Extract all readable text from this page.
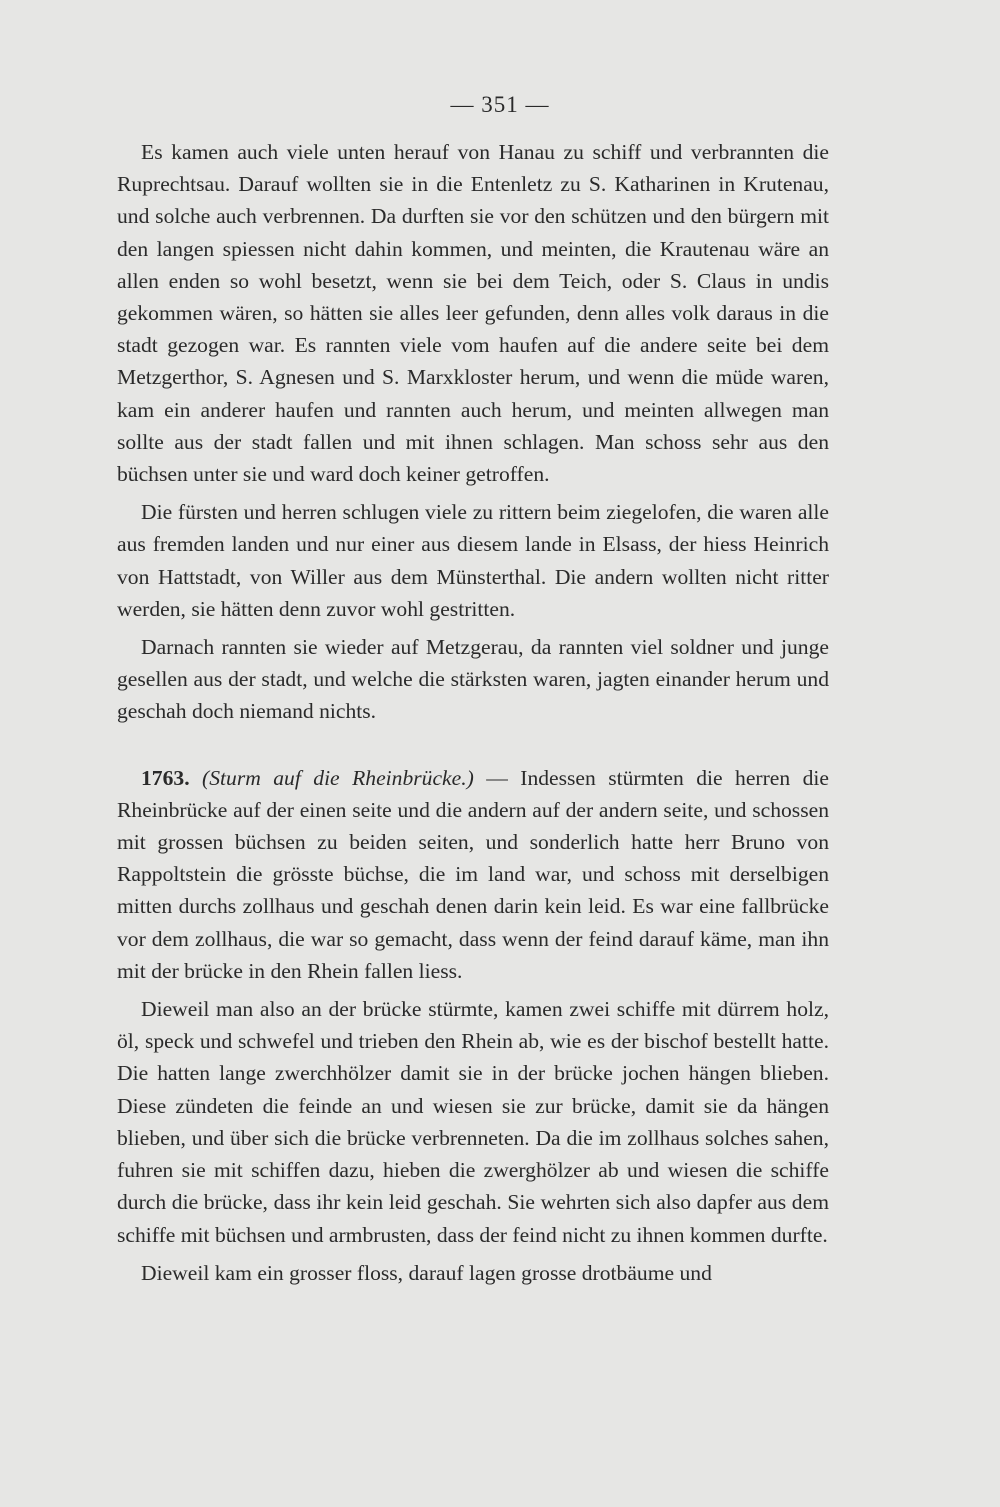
— 351 —

Es kamen auch viele unten herauf von Hanau zu schiff und verbrannten die Ruprechtsau. Darauf wollten sie in die Entenletz zu S. Katharinen in Krutenau, und solche auch verbrennen. Da durften sie vor den schützen und den bürgern mit den langen spiessen nicht dahin kommen, und meinten, die Krautenau wäre an allen enden so wohl besetzt, wenn sie bei dem Teich, oder S. Claus in undis gekommen wären, so hätten sie alles leer gefunden, denn alles volk daraus in die stadt gezogen war. Es rannten viele vom haufen auf die andere seite bei dem Metzgerthor, S. Agnesen und S. Marxkloster herum, und wenn die müde waren, kam ein anderer haufen und rannten auch herum, und meinten allwegen man sollte aus der stadt fallen und mit ihnen schlagen. Man schoss sehr aus den büchsen unter sie und ward doch keiner getroffen.

Die fürsten und herren schlugen viele zu rittern beim ziegelofen, die waren alle aus fremden landen und nur einer aus diesem lande in Elsass, der hiess Heinrich von Hattstadt, von Willer aus dem Münsterthal. Die andern wollten nicht ritter werden, sie hätten denn zuvor wohl gestritten.

Darnach rannten sie wieder auf Metzgerau, da rannten viel soldner und junge gesellen aus der stadt, und welche die stärksten waren, jagten einander herum und geschah doch niemand nichts.

1763. (Sturm auf die Rheinbrücke.) — Indessen stürmten die herren die Rheinbrücke auf der einen seite und die andern auf der andern seite, und schossen mit grossen büchsen zu beiden seiten, und sonderlich hatte herr Bruno von Rappoltstein die grösste büchse, die im land war, und schoss mit derselbigen mitten durchs zollhaus und geschah denen darin kein leid. Es war eine fallbrücke vor dem zollhaus, die war so gemacht, dass wenn der feind darauf käme, man ihn mit der brücke in den Rhein fallen liess.

Dieweil man also an der brücke stürmte, kamen zwei schiffe mit dürrem holz, öl, speck und schwefel und trieben den Rhein ab, wie es der bischof bestellt hatte. Die hatten lange zwerchhölzer damit sie in der brücke jochen hängen blieben. Diese zündeten die feinde an und wiesen sie zur brücke, damit sie da hängen blieben, und über sich die brücke verbrenneten. Da die im zollhaus solches sahen, fuhren sie mit schiffen dazu, hieben die zwerghölzer ab und wiesen die schiffe durch die brücke, dass ihr kein leid geschah. Sie wehrten sich also dapfer aus dem schiffe mit büchsen und armbrusten, dass der feind nicht zu ihnen kommen durfte.

Dieweil kam ein grosser floss, darauf lagen grosse drotbäume und
